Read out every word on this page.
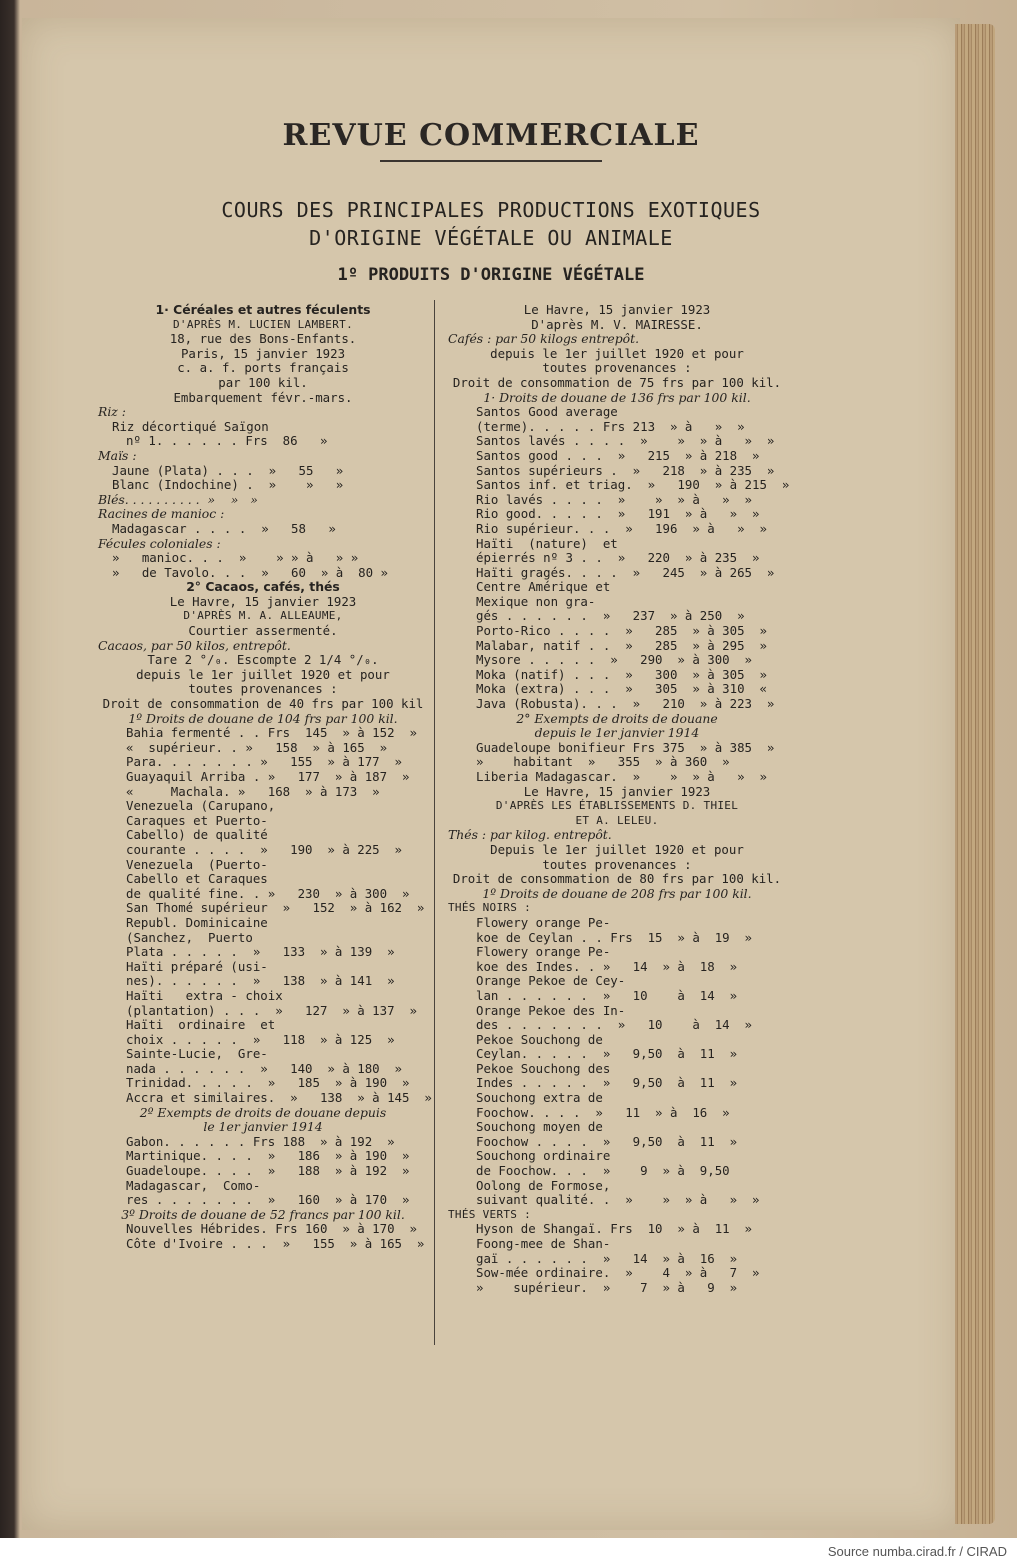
REVUE COMMERCIALE
COURS DES PRINCIPALES PRODUCTIONS EXOTIQUES
D'ORIGINE VÉGÉTALE OU ANIMALE
1º PRODUITS D'ORIGINE VÉGÉTALE
1· Céréales et autres féculents
D'APRÈS M. LUCIEN LAMBERT.
18, rue des Bons-Enfants.
Paris, 15 janvier 1923
c. a. f. ports français
par 100 kil.
Embarquement févr.-mars.
Riz :
Riz décortiqué Saïgon
nº 1. . . . . . Frs  86   »
Maïs :
Jaune (Plata) . . .  »   55   »
Blanc (Indochine) .  »    »   »
Blés. . . . . . . . . .  »    »   »
Racines de manioc :
Madagascar . . . .  »   58   »
Fécules coloniales :
»   manioc. . .  »    » » à   » »
»   de Tavolo. . .  »   60  » à  80 »
2° Cacaos, cafés, thés
Le Havre, 15 janvier 1923
D'APRÈS M. A. ALLEAUME,
Courtier assermenté.
Cacaos, par 50 kilos, entrepôt.
Tare 2 °/₀. Escompte 2 1/4 °/₀.
depuis le 1er juillet 1920 et pour
toutes provenances :
Droit de consommation de 40 frs par 100 kil
1º Droits de douane de 104 frs par 100 kil.
Bahia fermenté . . Frs  145  » à 152  »
«  supérieur. . »   158  » à 165  »
Para. . . . . . . »   155  » à 177  »
Guayaquil Arriba . »   177  » à 187  »
«     Machala. »   168  » à 173  »
Venezuela (Carupano,
Caraques et Puerto-
Cabello) de qualité
courante . . . .  »   190  » à 225  »
Venezuela  (Puerto-
Cabello et Caraques
de qualité fine. . »   230  » à 300  »
San Thomé supérieur  »   152  » à 162  »
Republ. Dominicaine
(Sanchez,  Puerto
Plata . . . . .  »   133  » à 139  »
Haïti préparé (usi-
nes). . . . . .  »   138  » à 141  »
Haïti   extra - choix
(plantation) . . .  »   127  » à 137  »
Haïti  ordinaire  et
choix . . . . .  »   118  » à 125  »
Sainte-Lucie,  Gre-
nada . . . . . .  »   140  » à 180  »
Trinidad. . . . .  »   185  » à 190  »
Accra et similaires.  »   138  » à 145  »
2º Exempts de droits de douane depuis
le 1er janvier 1914
Gabon. . . . . . Frs 188  » à 192  »
Martinique. . . .  »   186  » à 190  »
Guadeloupe. . . .  »   188  » à 192  »
Madagascar,  Como-
res . . . . . . .  »   160  » à 170  »
3º Droits de douane de 52 francs par 100 kil.
Nouvelles Hébrides. Frs 160  » à 170  »
Côte d'Ivoire . . .  »   155  » à 165  »
Le Havre, 15 janvier 1923
D'après M. V. MAIRESSE.
Cafés : par 50 kilogs entrepôt.
depuis le 1er juillet 1920 et pour
toutes provenances :
Droit de consommation de 75 frs par 100 kil.
1· Droits de douane de 136 frs par 100 kil.
Santos Good average
(terme). . . . . Frs 213  » à   »  »
Santos lavés . . . .  »    »  » à   »  »
Santos good . . .  »   215  » à 218  »
Santos supérieurs .  »   218  » à 235  »
Santos inf. et triag.  »   190  » à 215  »
Rio lavés . . . .  »    »  » à   »  »
Rio good. . . . .  »   191  » à   »  »
Rio supérieur. . .  »   196  » à   »  »
Haïti  (nature)  et
épierrés nº 3 . .  »   220  » à 235  »
Haïti gragés. . . .  »   245  » à 265  »
Centre Amérique et
Mexique non gra-
gés . . . . . .  »   237  » à 250  »
Porto-Rico . . . .  »   285  » à 305  »
Malabar, natif . .  »   285  » à 295  »
Mysore . . . . .  »   290  » à 300  »
Moka (natif) . . .  »   300  » à 305  »
Moka (extra) . . .  »   305  » à 310  «
Java (Robusta). . .  »   210  » à 223  »
2° Exempts de droits de douane
depuis le 1er janvier 1914
Guadeloupe bonifieur Frs 375  » à 385  »
»    habitant  »   355  » à 360  »
Liberia Madagascar.  »    »  » à   »  »
Le Havre, 15 janvier 1923
D'APRÈS LES ÉTABLISSEMENTS D. THIEL
ET A. LELEU.
Thés : par kilog. entrepôt.
Depuis le 1er juillet 1920 et pour
toutes provenances :
Droit de consommation de 80 frs par 100 kil.
1º Droits de douane de 208 frs par 100 kil.
THÉS NOIRS :
Flowery orange Pe-
koe de Ceylan . . Frs  15  » à  19  »
Flowery orange Pe-
koe des Indes. . »   14  » à  18  »
Orange Pekoe de Cey-
lan . . . . . .  »   10    à  14  »
Orange Pekoe des In-
des . . . . . . .  »   10    à  14  »
Pekoe Souchong de
Ceylan. . . . .  »   9,50  à  11  »
Pekoe Souchong des
Indes . . . . .  »   9,50  à  11  »
Souchong extra de
Foochow. . . .  »   11  » à  16  »
Souchong moyen de
Foochow . . . .  »   9,50  à  11  »
Souchong ordinaire
de Foochow. . .  »    9  » à  9,50
Oolong de Formose,
suivant qualité. .  »    »  » à   »  »
THÉS VERTS :
Hyson de Shangaï. Frs  10  » à  11  »
Foong-mee de Shan-
gaï . . . . . .  »   14  » à  16  »
Sow-mée ordinaire.  »    4  » à   7  »
»    supérieur.  »    7  » à   9  »
Source numba.cirad.fr / CIRAD
